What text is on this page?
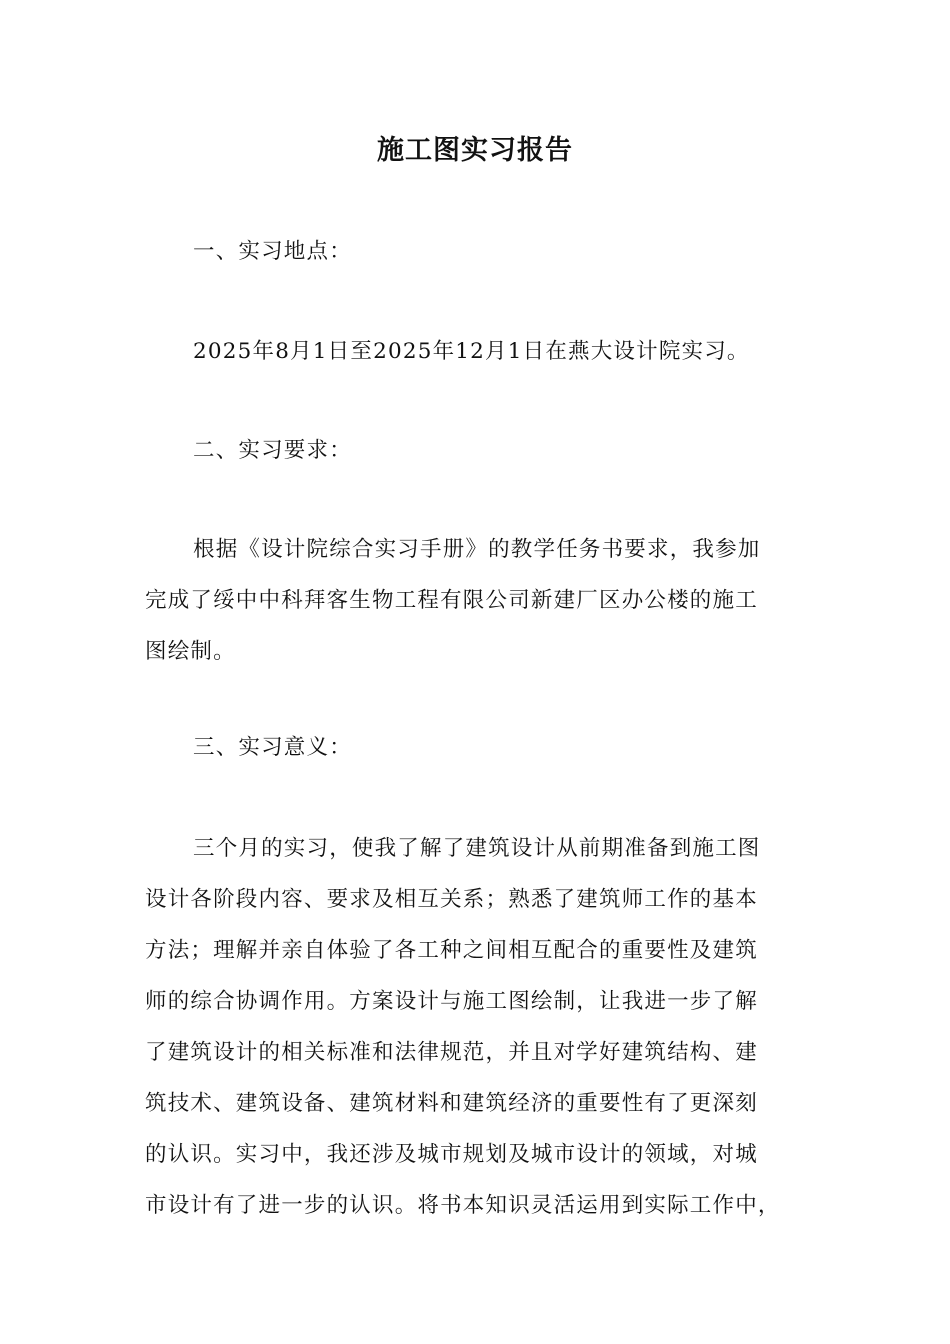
施工图实习报告
一、实习地点：
2025年8月1日至2025年12月1日在燕大设计院实习。
二、实习要求：
根据《设计院综合实习手册》的教学任务书要求，我参加
完成了绥中中科拜客生物工程有限公司新建厂区办公楼的施工
图绘制。
三、实习意义：
三个月的实习，使我了解了建筑设计从前期准备到施工图
设计各阶段内容、要求及相互关系；熟悉了建筑师工作的基本
方法；理解并亲自体验了各工种之间相互配合的重要性及建筑
师的综合协调作用。方案设计与施工图绘制，让我进一步了解
了建筑设计的相关标准和法律规范，并且对学好建筑结构、建
筑技术、建筑设备、建筑材料和建筑经济的重要性有了更深刻
的认识。实习中，我还涉及城市规划及城市设计的领域，对城
市设计有了进一步的认识。将书本知识灵活运用到实际工作中，
